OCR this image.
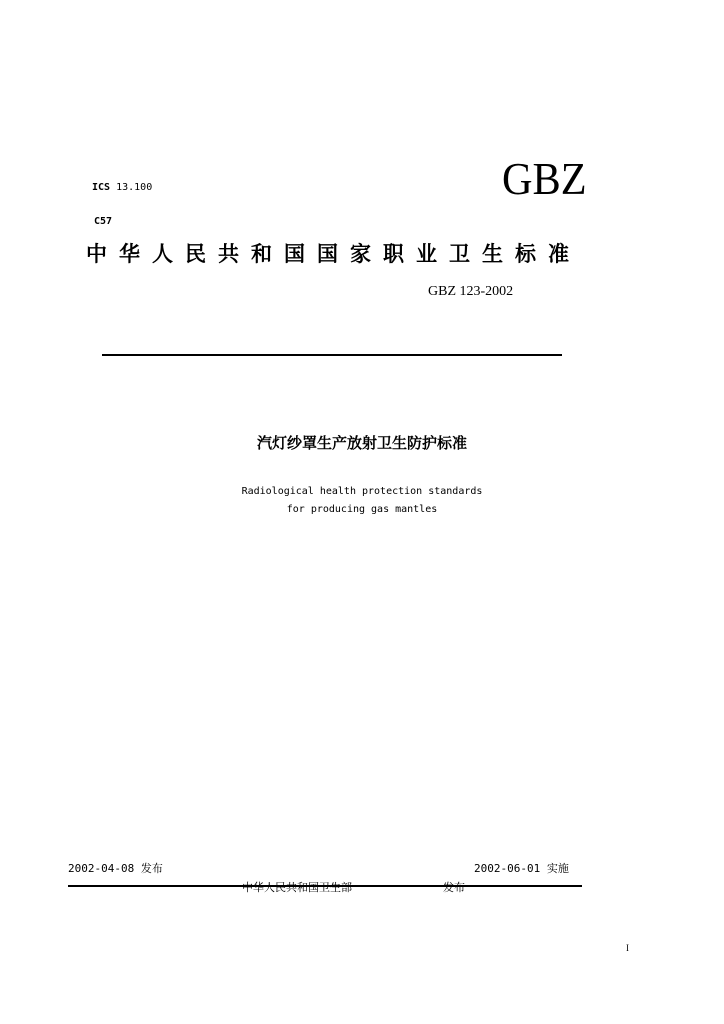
ICS 13.100
C57
GBZ
中华人民共和国国家职业卫生标准
GBZ 123-2002
汽灯纱罩生产放射卫生防护标准
Radiological health protection standards
for producing gas mantles
2002-04-08 发布	2002-06-01 实施
中华人民共和国卫生部	发布
I
